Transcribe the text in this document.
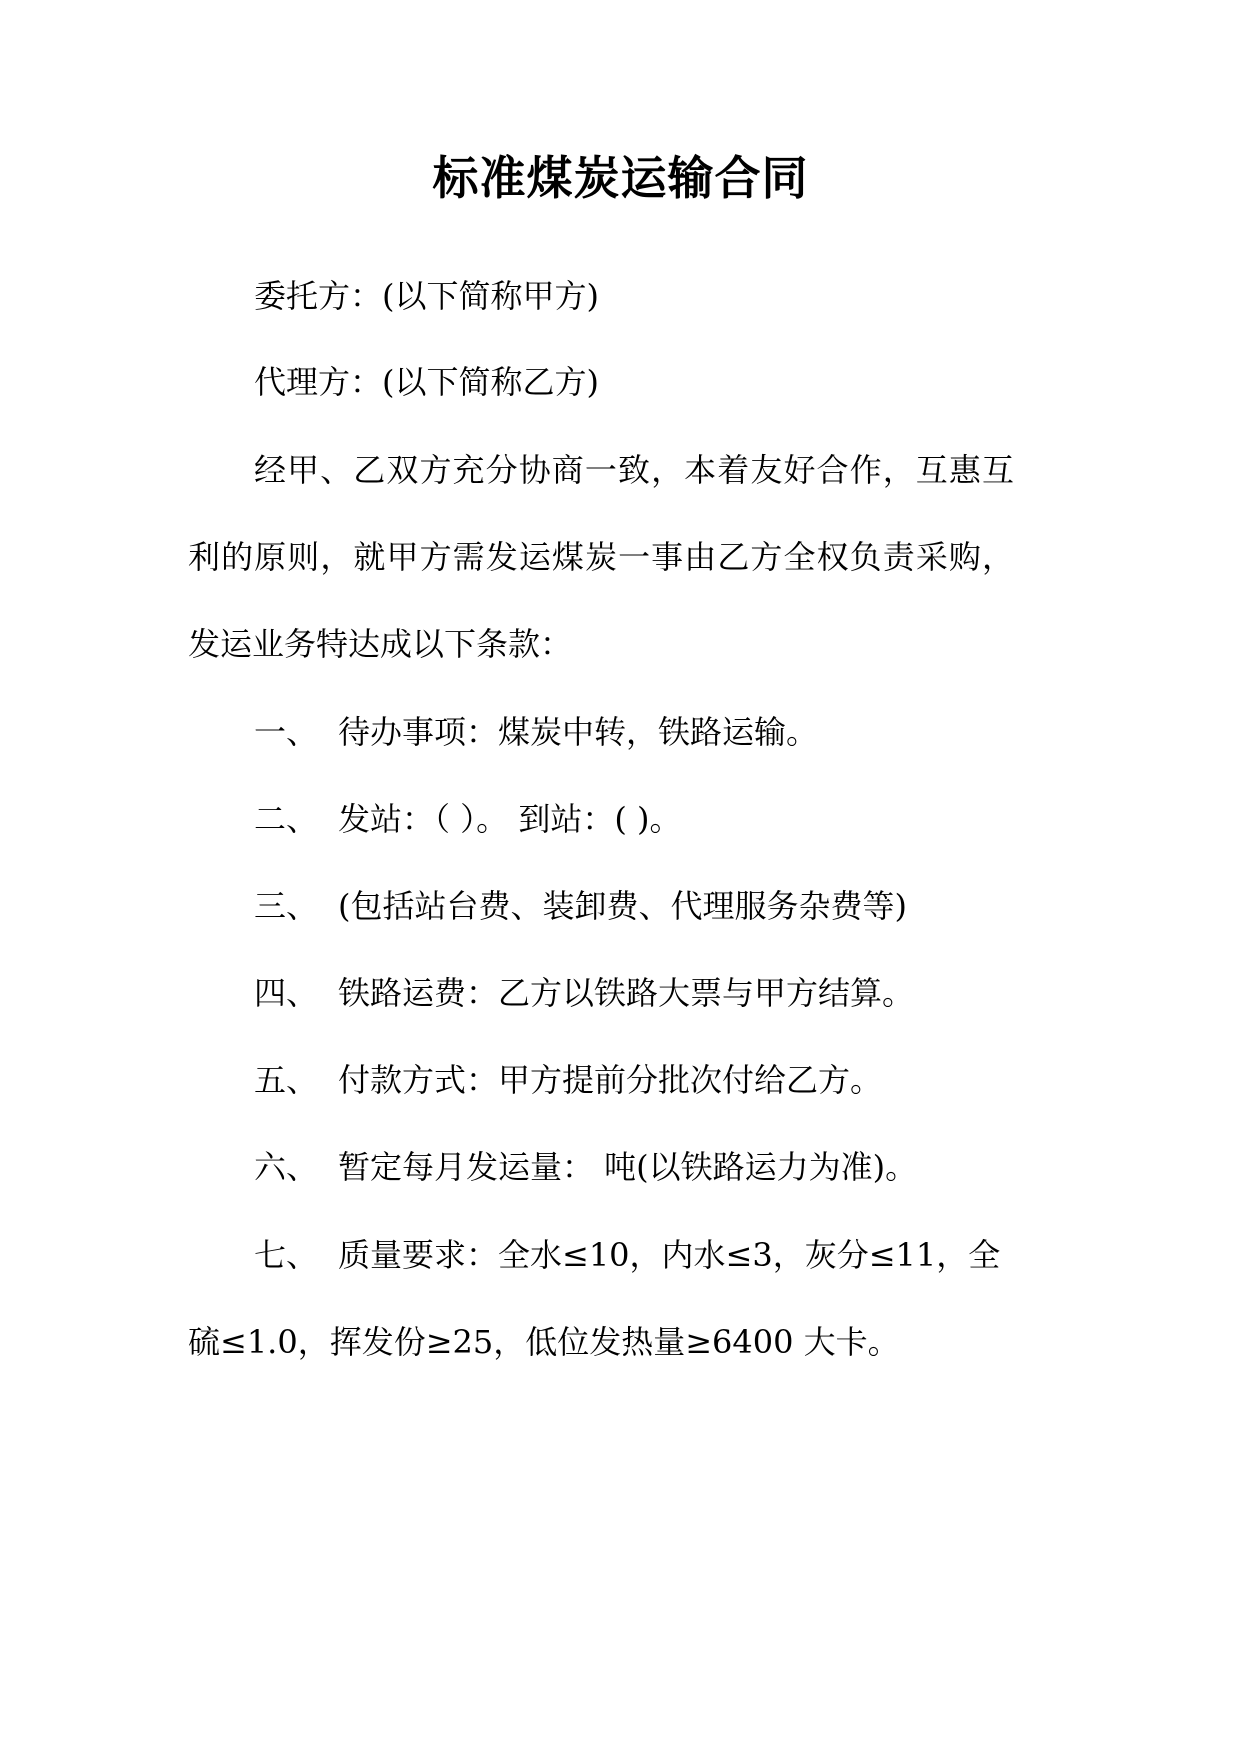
标准煤炭运输合同
委托方：(以下简称甲方)
代理方：(以下简称乙方)
经甲、乙双方充分协商一致，本着友好合作，互惠互
利的原则，就甲方需发运煤炭一事由乙方全权负责采购，
发运业务特达成以下条款：
一、 待办事项：煤炭中转，铁路运输。
二、 发站：（ ）。 到站：( )。
三、 (包括站台费、装卸费、代理服务杂费等)
四、 铁路运费：乙方以铁路大票与甲方结算。
五、 付款方式：甲方提前分批次付给乙方。
六、 暂定每月发运量： 吨(以铁路运力为准)。
七、 质量要求：全水≤10，内水≤3，灰分≤11，全
硫≤1.0，挥发份≥25，低位发热量≥6400 大卡。
